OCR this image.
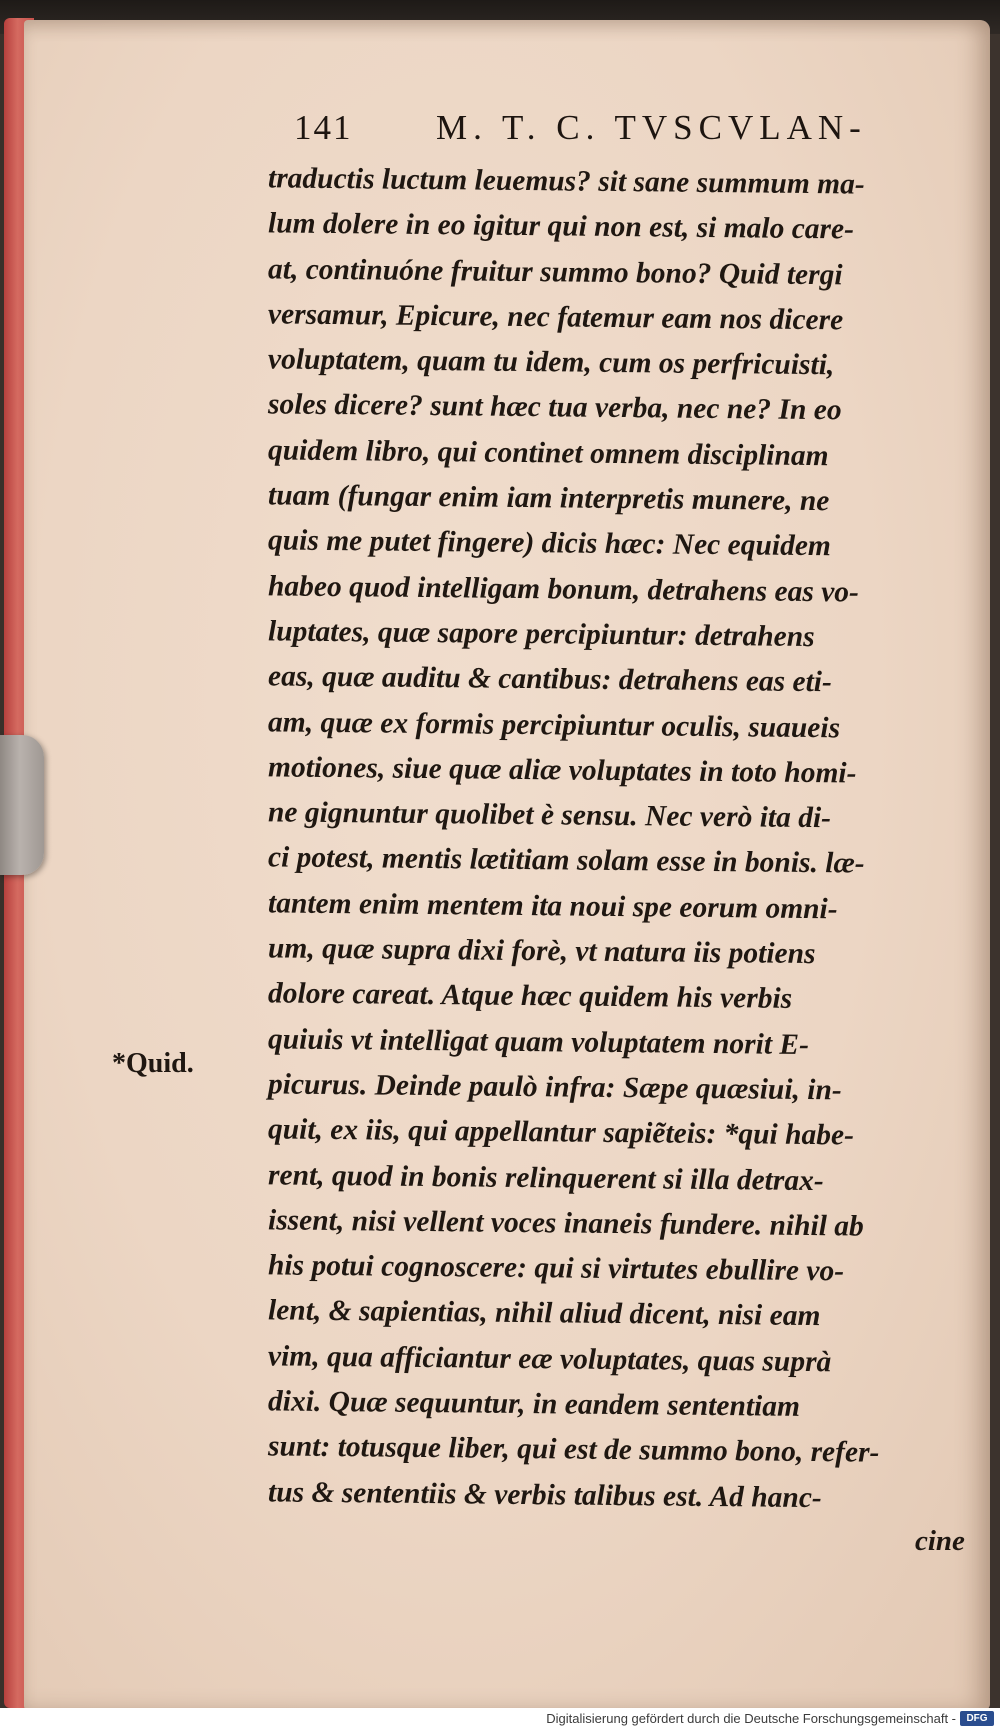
141 M. T. C. TVSCVLAN-
traductis luctum leuemus? sit sane summum ma-
lum dolere in eo igitur qui non est, si malo care-
at, continuóne fruitur summo bono? Quid tergi
versamur, Epicure, nec fatemur eam nos dicere
voluptatem, quam tu idem, cum os perfricuisti,
soles dicere? sunt hæc tua verba, nec ne? In eo
quidem libro, qui continet omnem disciplinam
tuam (fungar enim iam interpretis munere, ne
quis me putet fingere) dicis hæc: Nec equidem
habeo quod intelligam bonum, detrahens eas vo-
luptates, quæ sapore percipiuntur: detrahens
eas, quæ auditu & cantibus: detrahens eas eti-
am, quæ ex formis percipiuntur oculis, suaueis
motiones, siue quæ aliæ voluptates in toto homi-
ne gignuntur quolibet è sensu. Nec verò ita di-
ci potest, mentis lætitiam solam esse in bonis. læ-
tantem enim mentem ita noui spe eorum omni-
um, quæ supra dixi forè, vt natura iis potiens
dolore careat. Atque hæc quidem his verbis
quiuis vt intelligat quam voluptatem norit E-
picurus. Deinde paulò infra: Sæpe quæsiui, in-
quit, ex iis, qui appellantur sapiẽteis: *qui habe-
rent, quod in bonis relinquerent si illa detrax-
issent, nisi vellent voces inaneis fundere. nihil ab
his potui cognoscere: qui si virtutes ebullire vo-
lent, & sapientias, nihil aliud dicent, nisi eam
vim, qua afficiantur eæ voluptates, quas suprà
dixi. Quæ sequuntur, in eandem sententiam
sunt: totusque liber, qui est de summo bono, refer-
tus & sententiis & verbis talibus est. Ad hanc-
*Quid.
cine
Digitalisierung gefördert durch die Deutsche Forschungsgemeinschaft -	DFG
